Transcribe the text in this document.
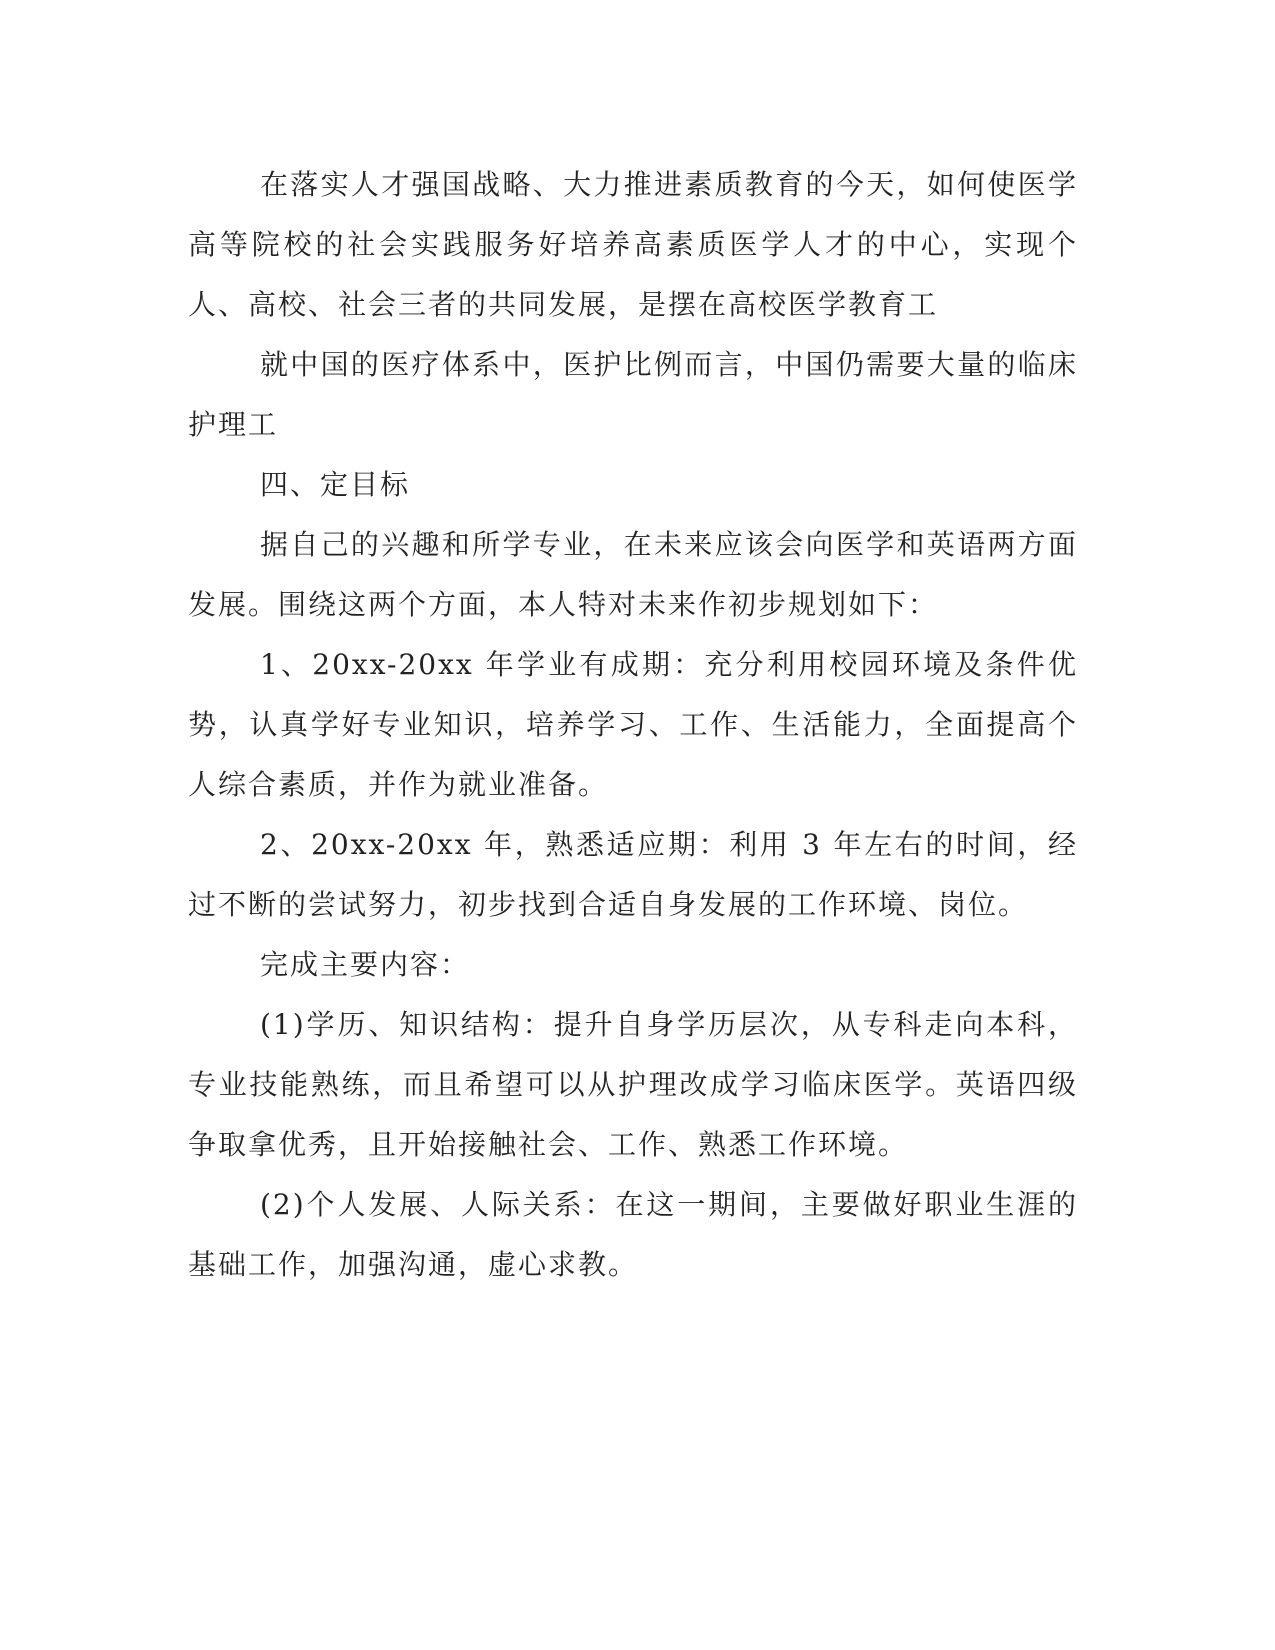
在落实人才强国战略、大力推进素质教育的今天，如何使医学高等院校的社会实践服务好培养高素质医学人才的中心，实现个人、高校、社会三者的共同发展，是摆在高校医学教育工

就中国的医疗体系中，医护比例而言，中国仍需要大量的临床护理工

四、定目标

据自己的兴趣和所学专业，在未来应该会向医学和英语两方面发展。围绕这两个方面，本人特对未来作初步规划如下：

1、20xx-20xx 年学业有成期：充分利用校园环境及条件优势，认真学好专业知识，培养学习、工作、生活能力，全面提高个人综合素质，并作为就业准备。

2、20xx-20xx 年，熟悉适应期：利用 3 年左右的时间，经过不断的尝试努力，初步找到合适自身发展的工作环境、岗位。

完成主要内容：

(1)学历、知识结构：提升自身学历层次，从专科走向本科，专业技能熟练，而且希望可以从护理改成学习临床医学。英语四级争取拿优秀，且开始接触社会、工作、熟悉工作环境。

(2)个人发展、人际关系：在这一期间，主要做好职业生涯的基础工作，加强沟通，虚心求教。
